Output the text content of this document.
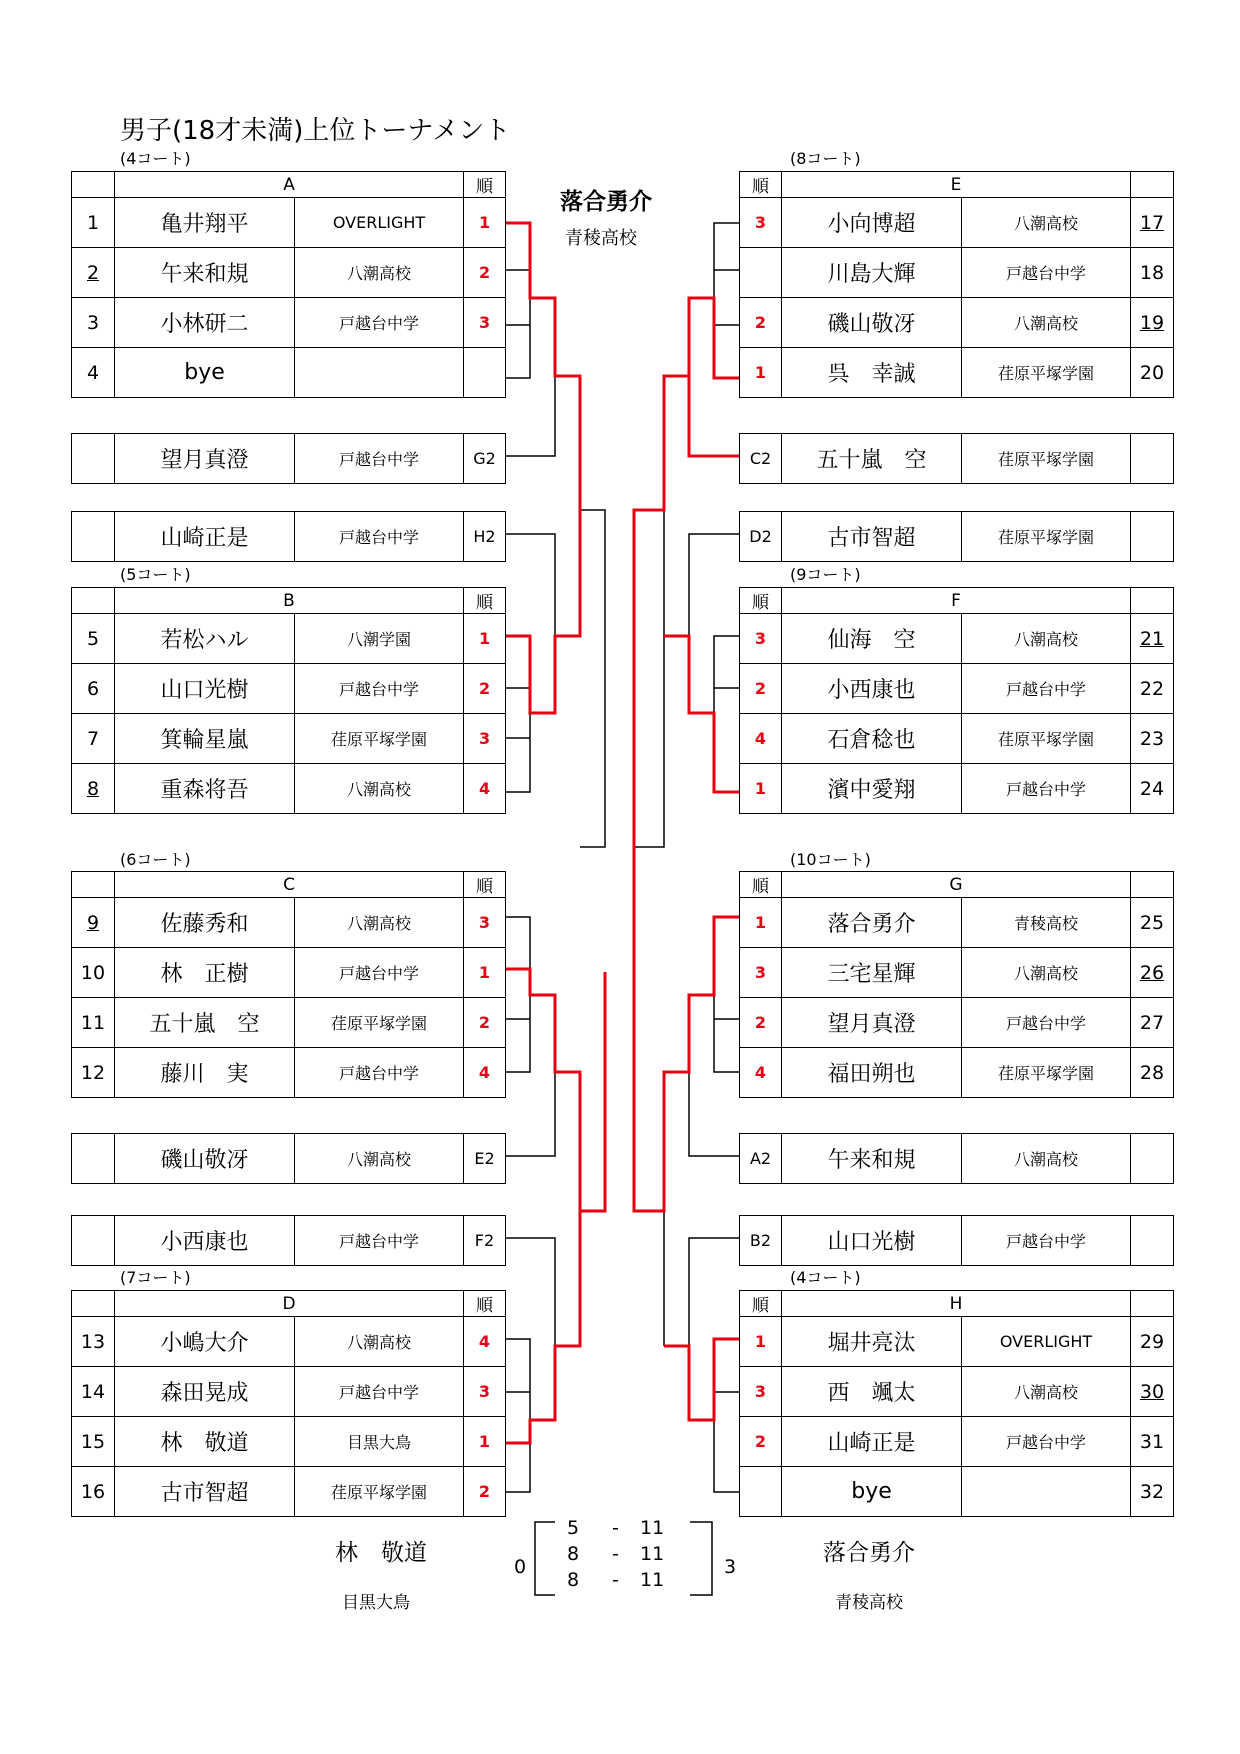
男子(18才未満)上位トーナメント
落合勇介
青稜高校
(4コート)
	A		順
1	亀井翔平	OVERLIGHT	1
2	午来和規	八潮高校	2
3	小林研二	戸越台中学	3
4	bye		
	望月真澄	戸越台中学	G2
	山崎正是	戸越台中学	H2
(5コート)
	B		順
5	若松ハル	八潮学園	1
6	山口光樹	戸越台中学	2
7	箕輪星嵐	荏原平塚学園	3
8	重森将吾	八潮高校	4
(6コート)
	C		順
9	佐藤秀和	八潮高校	3
10	林　正樹	戸越台中学	1
11	五十嵐　空	荏原平塚学園	2
12	藤川　実	戸越台中学	4
	磯山敬冴	八潮高校	E2
	小西康也	戸越台中学	F2
(7コート)
	D		順
13	小嶋大介	八潮高校	4
14	森田晃成	戸越台中学	3
15	林　敬道	目黒大鳥	1
16	古市智超	荏原平塚学園	2
(8コート)
順	E		
3	小向博超	八潮高校	17
	川島大輝	戸越台中学	18
2	磯山敬冴	八潮高校	19
1	呉　幸誠	荏原平塚学園	20
C2	五十嵐　空	荏原平塚学園	
D2	古市智超	荏原平塚学園	
(9コート)
順	F		
3	仙海　空	八潮高校	21
2	小西康也	戸越台中学	22
4	石倉稔也	荏原平塚学園	23
1	濱中愛翔	戸越台中学	24
(10コート)
順	G		
1	落合勇介	青稜高校	25
3	三宅星輝	八潮高校	26
2	望月真澄	戸越台中学	27
4	福田朔也	荏原平塚学園	28
A2	午来和規	八潮高校	
B2	山口光樹	戸越台中学	
(4コート)
順	H		
1	堀井亮汰	OVERLIGHT	29
3	西　颯太	八潮高校	30
2	山崎正是	戸越台中学	31
	bye		32
林　敬道
目黒大鳥
落合勇介
青稜高校
0	3
5 - 11
8 - 11
8 - 11
